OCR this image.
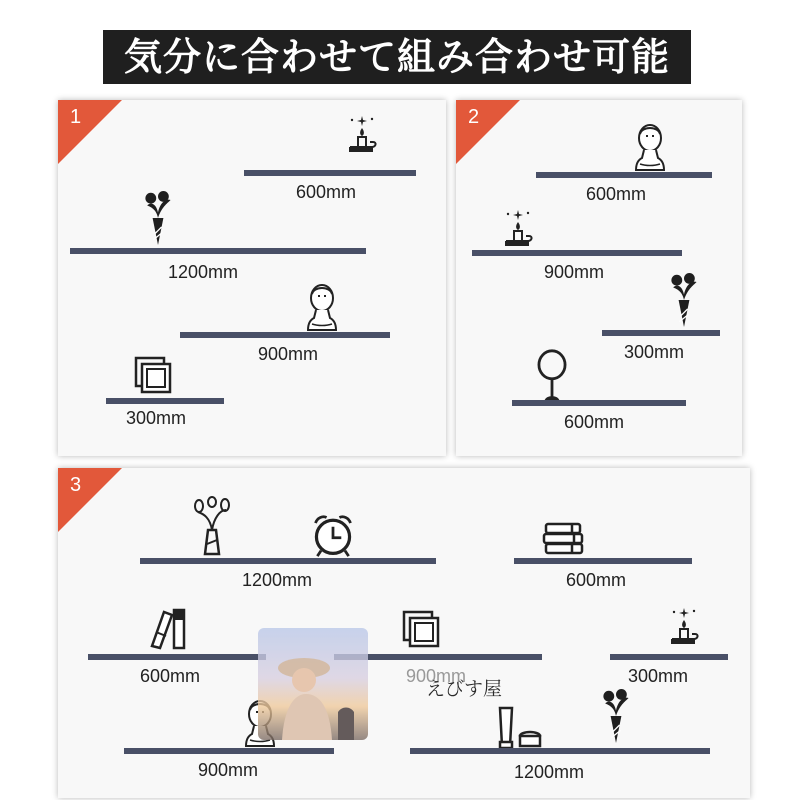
気分に合わせて組み合わせ可能
1
600mm
1200mm
900mm
300mm
2
600mm
900mm
300mm
600mm
3
1200mm	600mm
600mm	900mm	300mm
900mm	1200mm
えびす屋
